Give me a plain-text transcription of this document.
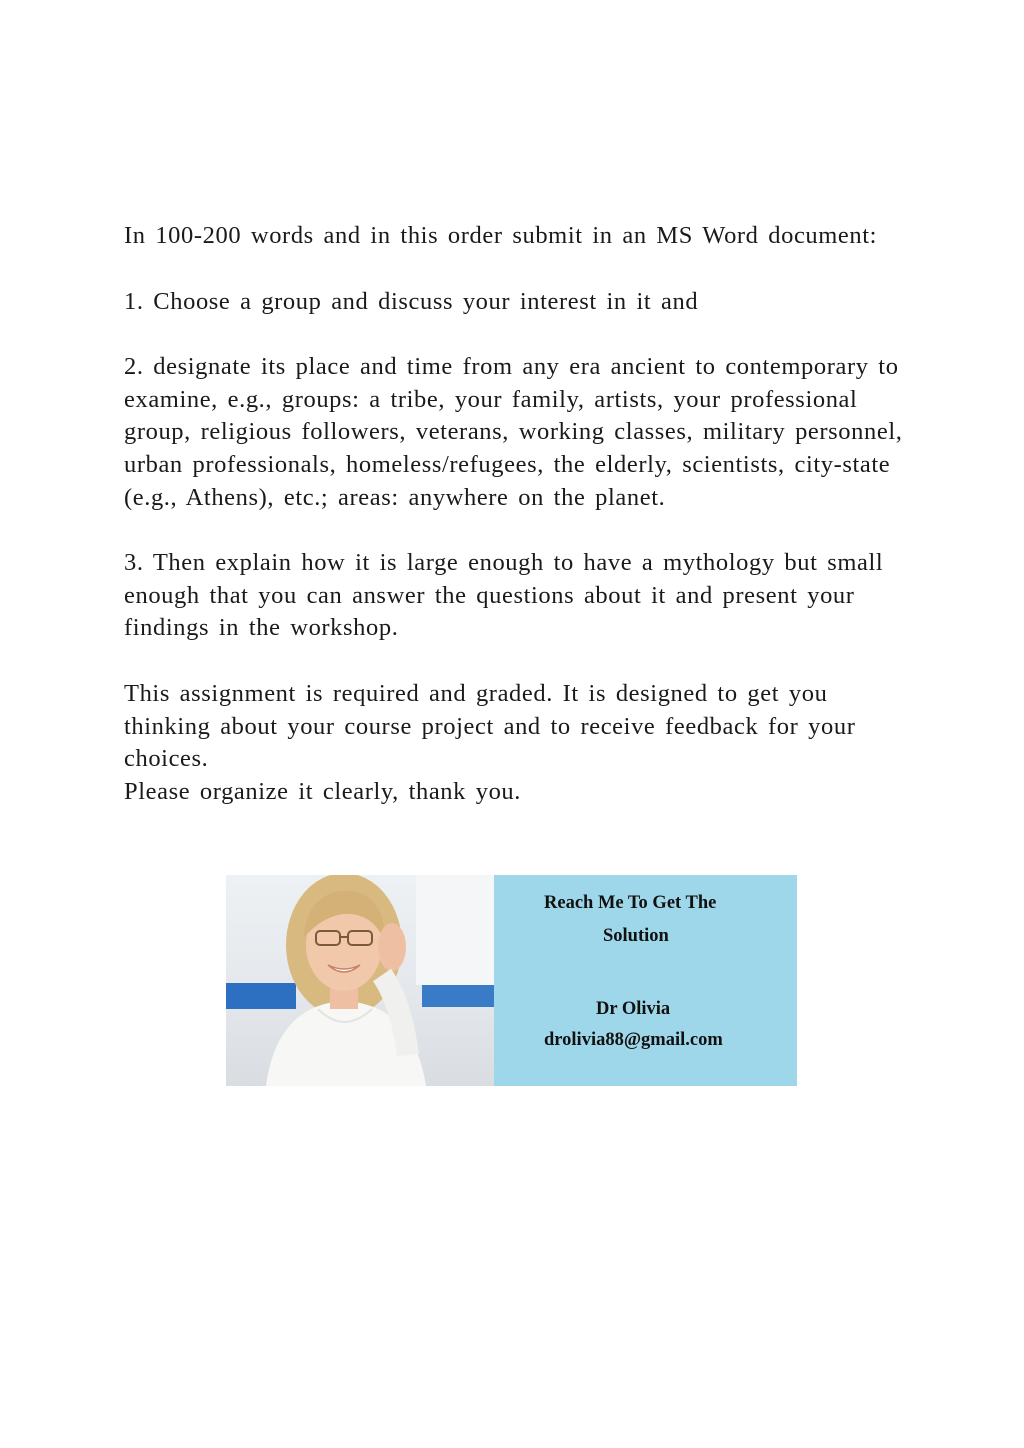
In 100-200 words and in this order submit in an MS Word document:

1. Choose a group and discuss your interest in it and

2. designate its place and time from any era ancient to contemporary to examine, e.g., groups: a tribe, your family, artists, your professional group, religious followers, veterans, working classes, military personnel, urban professionals, homeless/refugees, the elderly, scientists, city-state (e.g., Athens), etc.; areas: anywhere on the planet.

3. Then explain how it is large enough to have a mythology but small enough that you can answer the questions about it and present your findings in the workshop.

This assignment is required and graded. It is designed to get you thinking about your course project and to receive feedback for your choices.

Please organize it clearly, thank you.

Reach Me To Get The
Solution
Dr Olivia
drolivia88@gmail.com
